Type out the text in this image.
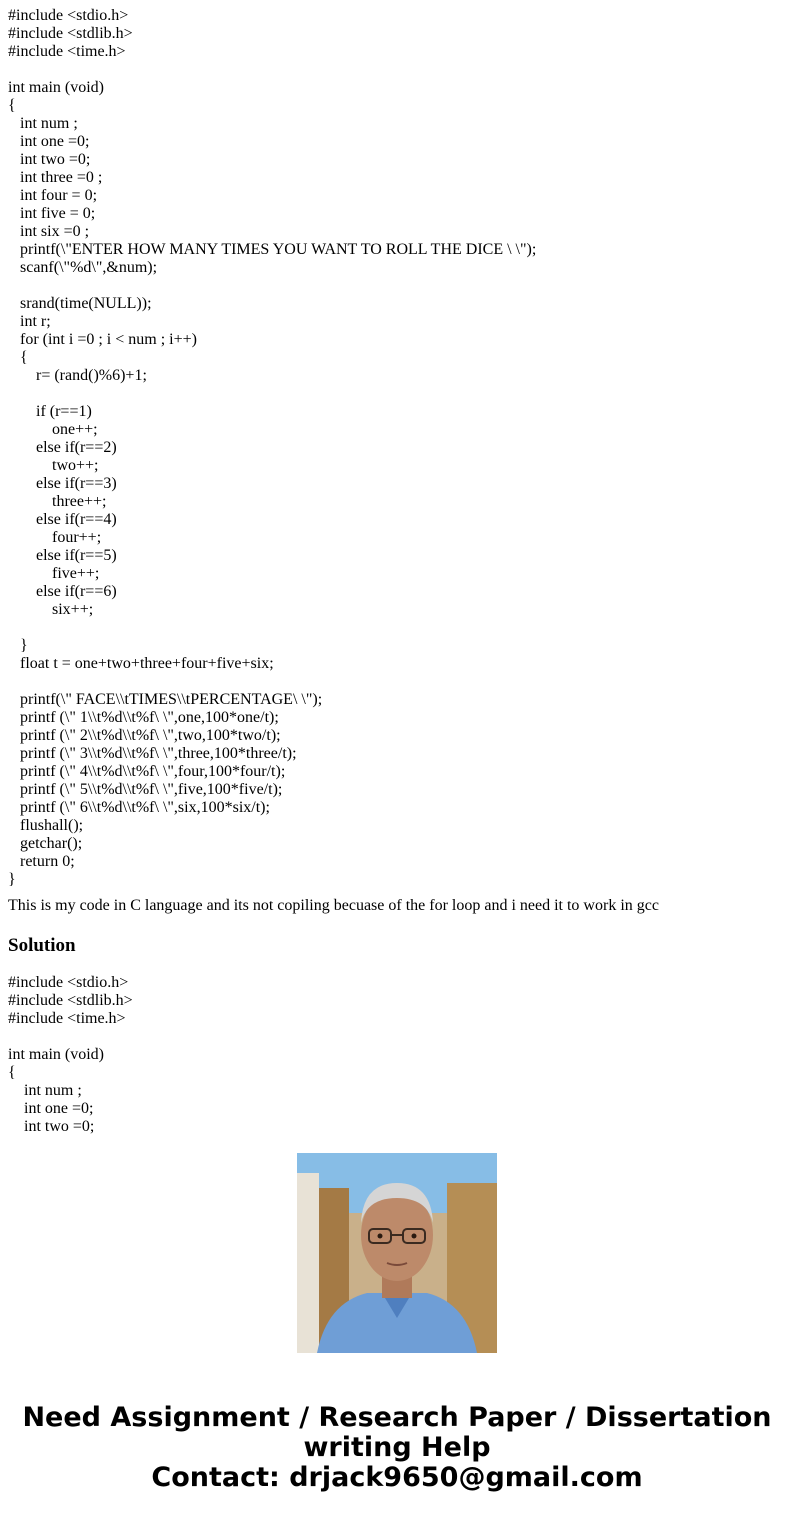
#include <stdio.h>
#include <stdlib.h>
#include <time.h>

int main (void)
{
int num ;
int one =0;
int two =0;
int three =0 ;
int four = 0;
int five = 0;
int six =0 ;
printf(\"ENTER HOW MANY TIMES YOU WANT TO ROLL THE DICE \ \");
scanf(\"%d\",&num);

srand(time(NULL));
int r;
for (int i =0 ; i < num ; i++)
{
r= (rand()%6)+1;

if (r==1)
one++;
else if(r==2)
two++;
else if(r==3)
three++;
else if(r==4)
four++;
else if(r==5)
five++;
else if(r==6)
six++;

}
float t = one+two+three+four+five+six;

printf(\" FACE\\tTIMES\\tPERCENTAGE\ \");
printf (\" 1\\t%d\\t%f\ \",one,100*one/t);
printf (\" 2\\t%d\\t%f\ \",two,100*two/t);
printf (\" 3\\t%d\\t%f\ \",three,100*three/t);
printf (\" 4\\t%d\\t%f\ \",four,100*four/t);
printf (\" 5\\t%d\\t%f\ \",five,100*five/t);
printf (\" 6\\t%d\\t%f\ \",six,100*six/t);
flushall();
getchar();
return 0;
}

This is my code in C language and its not copiling becuase of the for loop and i need it to work in gcc

Solution
#include <stdio.h>
#include <stdlib.h>
#include <time.h>

int main (void)
{
int num ;
int one =0;
int two =0;
Need Assignment / Research Paper / Dissertation
writing Help
Contact: drjack9650@gmail.com
